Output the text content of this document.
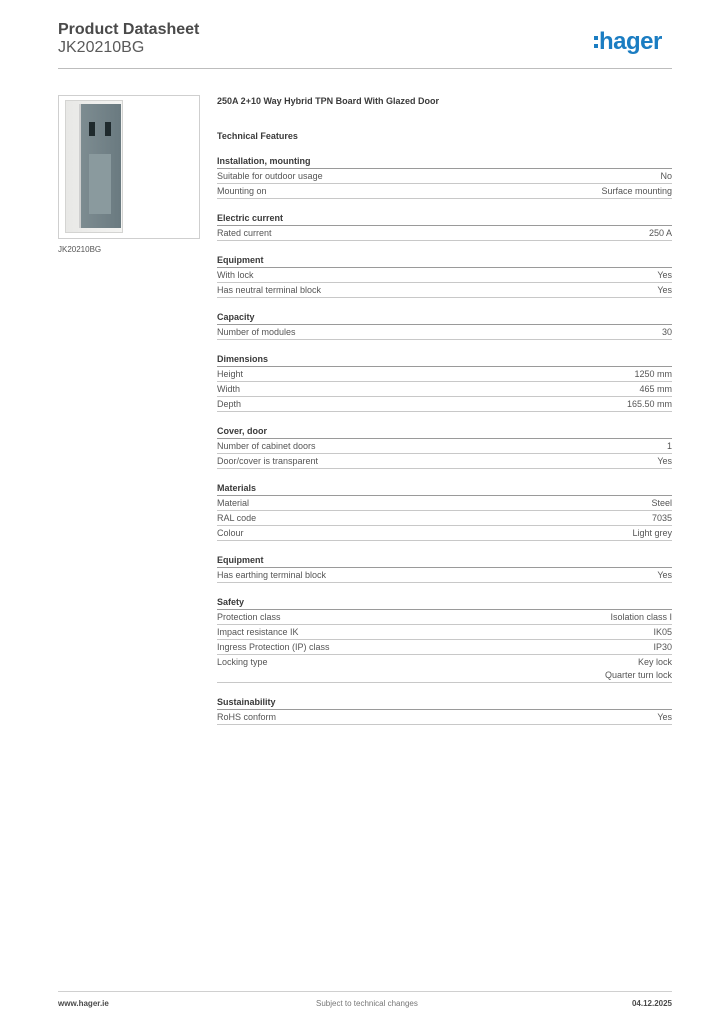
Product Datasheet
JK20210BG	hager
JK20210BG
250A 2+10 Way Hybrid TPN Board With Glazed Door
Technical Features
Installation, mounting
Suitable for outdoor usage	No
Mounting on	Surface mounting
Electric current
Rated current	250 A
Equipment
With lock	Yes
Has neutral terminal block	Yes
Capacity
Number of modules	30
Dimensions
Height	1250 mm
Width	465 mm
Depth	165.50 mm
Cover, door
Number of cabinet doors	1
Door/cover is transparent	Yes
Materials
Material	Steel
RAL code	7035
Colour	Light grey
Equipment
Has earthing terminal block	Yes
Safety
Protection class	Isolation class I
Impact resistance IK	IK05
Ingress Protection (IP) class	IP30
Locking type	Key lock
Quarter turn lock
Sustainability
RoHS conform	Yes
www.hager.ie	Subject to technical changes	04.12.2025
